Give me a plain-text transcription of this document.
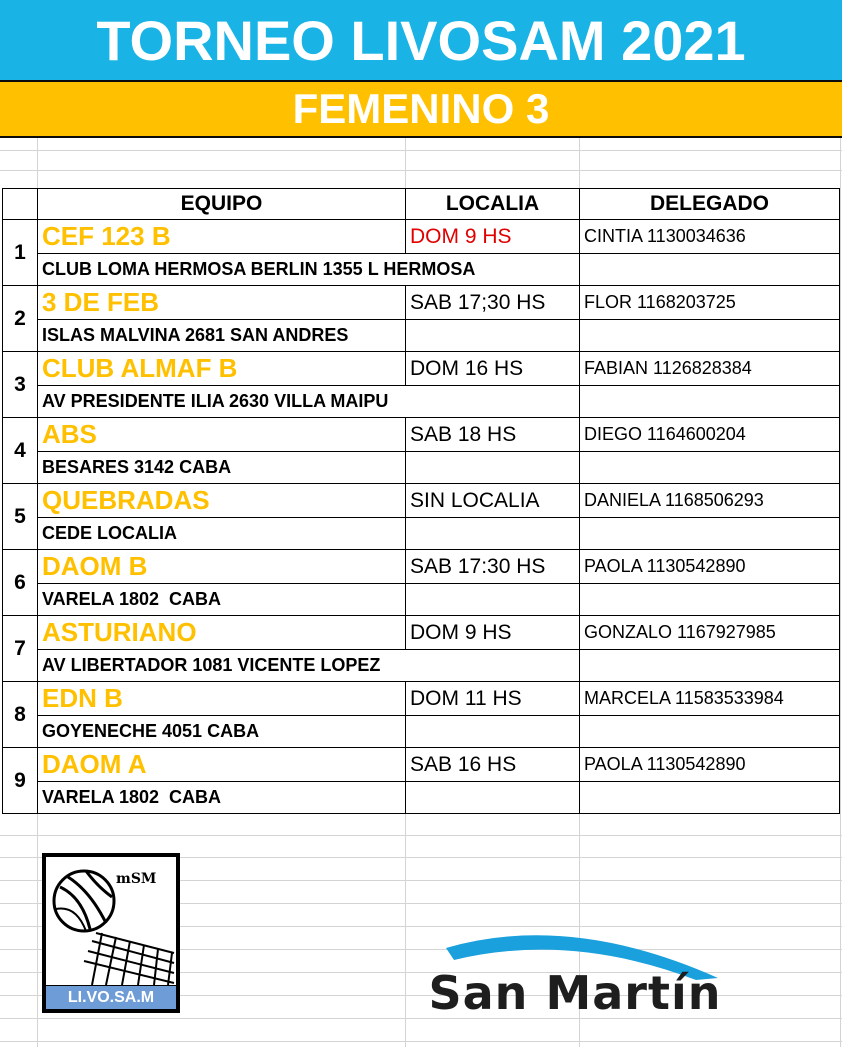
TORNEO LIVOSAM 2021
FEMENINO 3
	EQUIPO	LOCALIA	DELEGADO
1	CEF 123 B	DOM 9 HS	CINTIA 1130034636
	CLUB LOMA HERMOSA BERLIN 1355 L HERMOSA		
2	3 DE FEB	SAB 17;30 HS	FLOR 1168203725
	ISLAS MALVINA 2681 SAN ANDRES		
3	CLUB ALMAF B	DOM 16 HS	FABIAN 1126828384
	AV PRESIDENTE ILIA 2630 VILLA MAIPU		
4	ABS	SAB 18 HS	DIEGO 1164600204
	BESARES 3142 CABA		
5	QUEBRADAS	SIN LOCALIA	DANIELA 1168506293
	CEDE LOCALIA		
6	DAOM B	SAB 17:30 HS	PAOLA 1130542890
	VARELA 1802  CABA		
7	ASTURIANO	DOM 9 HS	GONZALO 1167927985
	AV LIBERTADOR 1081 VICENTE LOPEZ		
8	EDN B	DOM 11 HS	MARCELA 11583533984
	GOYENECHE 4051 CABA		
9	DAOM A	SAB 16 HS	PAOLA 1130542890
	VARELA 1802  CABA		
mSM
LI.VO.SA.M	San Martín
